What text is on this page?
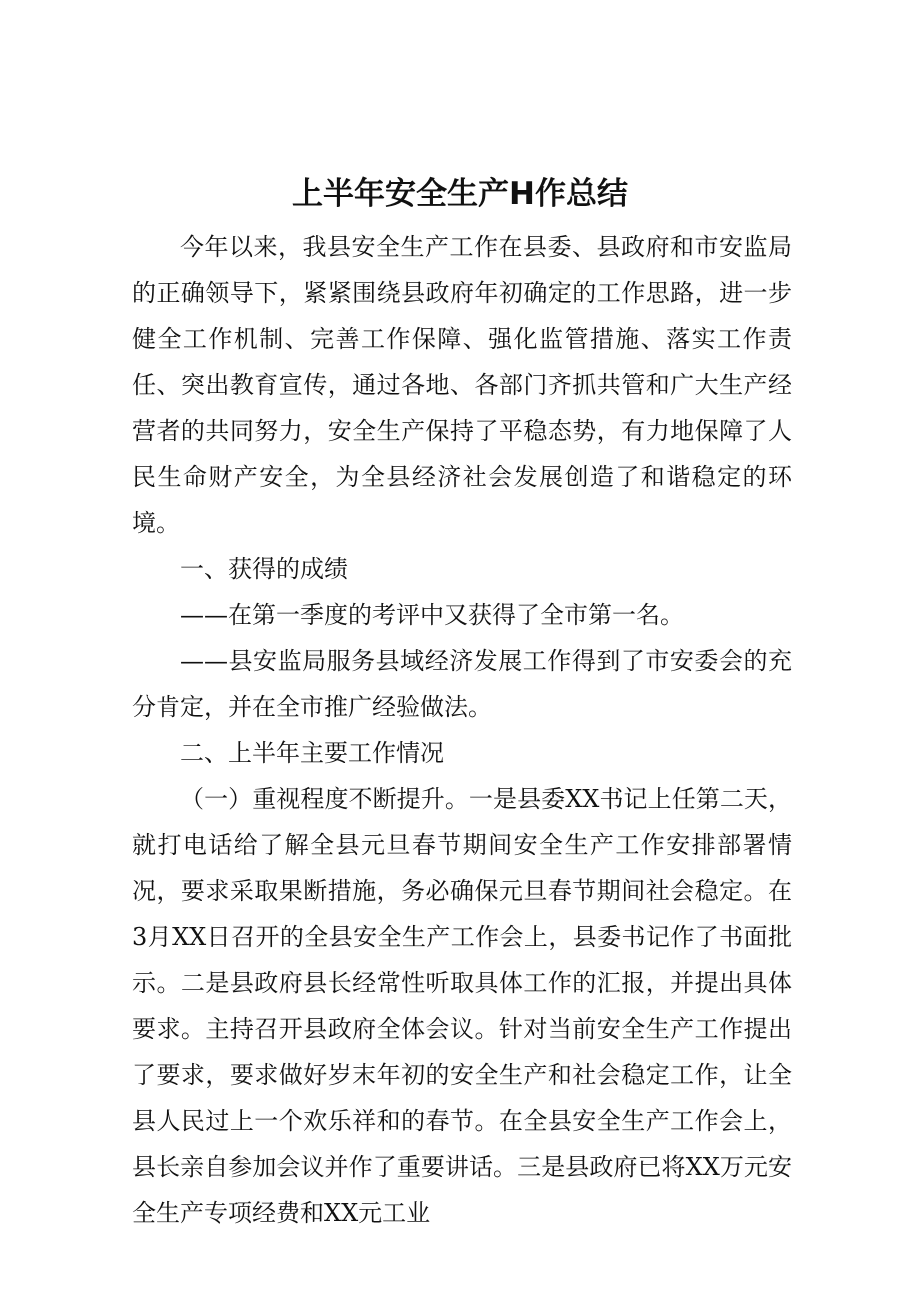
上半年安全生产H作总结

今年以来，我县安全生产工作在县委、县政府和市安监局的正确领导下，紧紧围绕县政府年初确定的工作思路，进一步健全工作机制、完善工作保障、强化监管措施、落实工作责任、突出教育宣传，通过各地、各部门齐抓共管和广大生产经营者的共同努力，安全生产保持了平稳态势，有力地保障了人民生命财产安全，为全县经济社会发展创造了和谐稳定的环境。

一、获得的成绩

——在第一季度的考评中又获得了全市第一名。

——县安监局服务县域经济发展工作得到了市安委会的充分肯定，并在全市推广经验做法。

二、上半年主要工作情况

（一）重视程度不断提升。一是县委XX书记上任第二天，就打电话给了解全县元旦春节期间安全生产工作安排部署情况，要求采取果断措施，务必确保元旦春节期间社会稳定。在3月XX日召开的全县安全生产工作会上，县委书记作了书面批示。二是县政府县长经常性听取具体工作的汇报，并提出具体要求。主持召开县政府全体会议。针对当前安全生产工作提出了要求，要求做好岁末年初的安全生产和社会稳定工作，让全县人民过上一个欢乐祥和的春节。在全县安全生产工作会上，县长亲自参加会议并作了重要讲话。三是县政府已将XX万元安全生产专项经费和XX元工业
